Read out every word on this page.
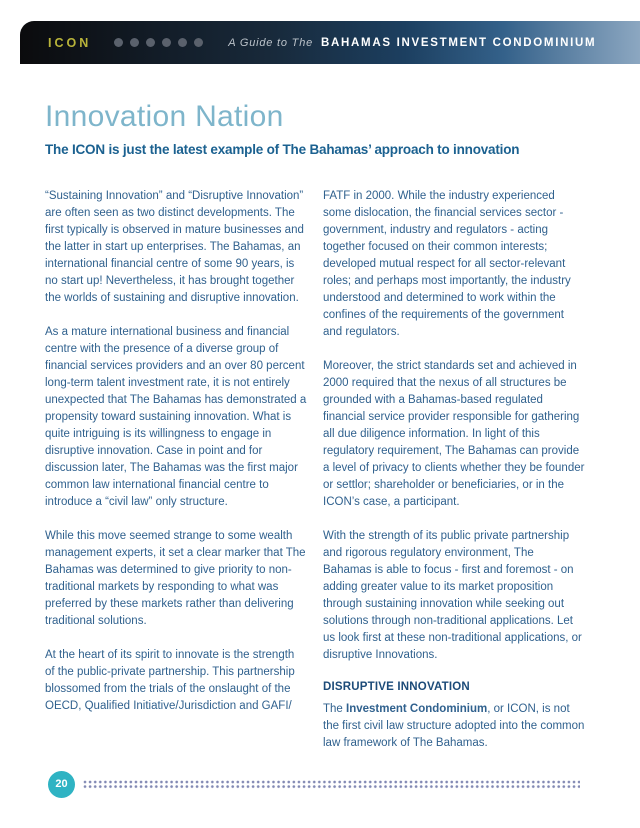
ICON	A Guide to The BAHAMAS INVESTMENT CONDOMINIUM
Innovation Nation
The ICON is just the latest example of The Bahamas’ approach to innovation

“Sustaining Innovation” and “Disruptive Innovation” are often seen as two distinct developments. The first typically is observed in mature businesses and the latter in start up enterprises. The Bahamas, an international financial centre of some 90 years, is no start up! Nevertheless, it has brought together the worlds of sustaining and disruptive innovation.

As a mature international business and financial centre with the presence of a diverse group of financial services providers and an over 80 percent long-term talent investment rate, it is not entirely unexpected that The Bahamas has demonstrated a propensity toward sustaining innovation. What is quite intriguing is its willingness to engage in disruptive innovation. Case in point and for discussion later, The Bahamas was the first major common law international financial centre to introduce a “civil law” only structure.

While this move seemed strange to some wealth management experts, it set a clear marker that The Bahamas was determined to give priority to non-traditional markets by responding to what was preferred by these markets rather than delivering traditional solutions.

At the heart of its spirit to innovate is the strength of the public-private partnership. This partnership blossomed from the trials of the onslaught of the OECD, Qualified Initiative/Jurisdiction and GAFI/

FATF in 2000. While the industry experienced some dislocation, the financial services sector - government, industry and regulators - acting together focused on their common interests; developed mutual respect for all sector-relevant roles; and perhaps most importantly, the industry understood and determined to work within the confines of the requirements of the government and regulators.

Moreover, the strict standards set and achieved in 2000 required that the nexus of all structures be grounded with a Bahamas-based regulated financial service provider responsible for gathering all due diligence information. In light of this regulatory requirement, The Bahamas can provide a level of privacy to clients whether they be founder or settlor; shareholder or beneficiaries, or in the ICON’s case, a participant.

With the strength of its public private partnership and rigorous regulatory environment, The Bahamas is able to focus - first and foremost - on adding greater value to its market proposition through sustaining innovation while seeking out solutions through non-traditional applications. Let us look first at these non-traditional applications, or disruptive Innovations.

DISRUPTIVE INNOVATION

The Investment Condominium, or ICON, is not the first civil law structure adopted into the common law framework of The Bahamas.

20
